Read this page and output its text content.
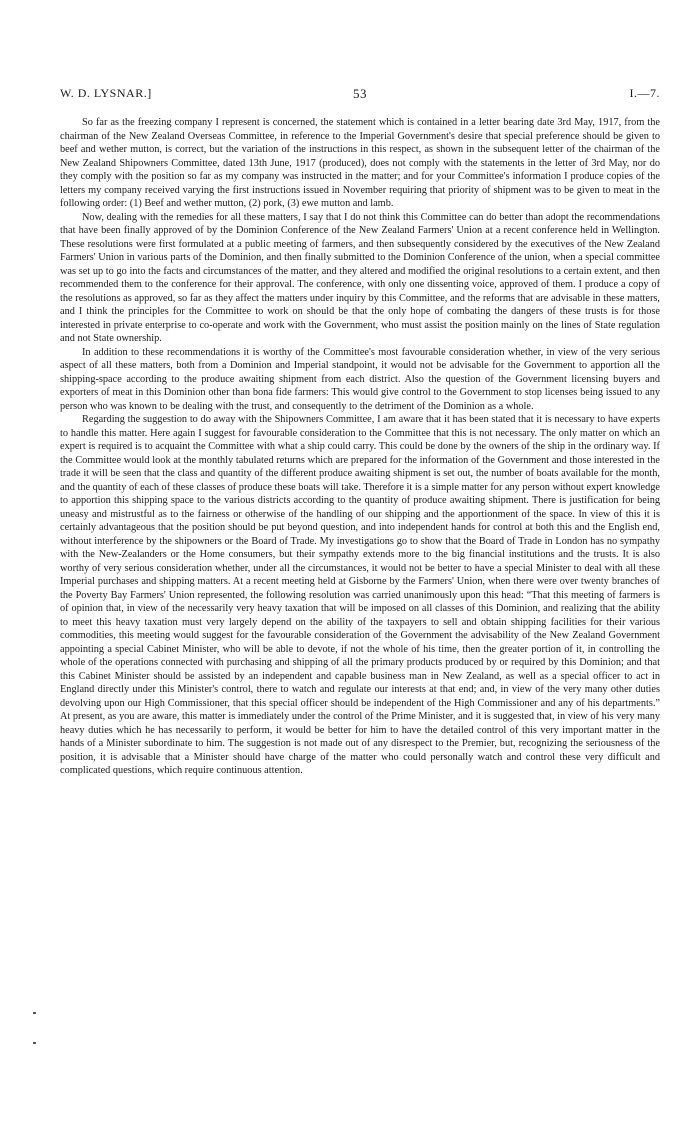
W. D. LYSNAR.]	53	I.—7.

So far as the freezing company I represent is concerned, the statement which is contained in a letter bearing date 3rd May, 1917, from the chairman of the New Zealand Overseas Committee, in reference to the Imperial Government's desire that special preference should be given to beef and wether mutton, is correct, but the variation of the instructions in this respect, as shown in the subsequent letter of the chairman of the New Zealand Shipowners Committee, dated 13th June, 1917 (produced), does not comply with the statements in the letter of 3rd May, nor do they comply with the position so far as my company was instructed in the matter; and for your Committee's information I produce copies of the letters my company received varying the first instructions issued in November requiring that priority of shipment was to be given to meat in the following order: (1) Beef and wether mutton, (2) pork, (3) ewe mutton and lamb.

Now, dealing with the remedies for all these matters, I say that I do not think this Committee can do better than adopt the recommendations that have been finally approved of by the Dominion Conference of the New Zealand Farmers' Union at a recent conference held in Wellington. These resolutions were first formulated at a public meeting of farmers, and then subsequently considered by the executives of the New Zealand Farmers' Union in various parts of the Dominion, and then finally submitted to the Dominion Conference of the union, when a special committee was set up to go into the facts and circumstances of the matter, and they altered and modified the original resolutions to a certain extent, and then recommended them to the conference for their approval. The conference, with only one dissenting voice, approved of them. I produce a copy of the resolutions as approved, so far as they affect the matters under inquiry by this Committee, and the reforms that are advisable in these matters, and I think the principles for the Committee to work on should be that the only hope of combating the dangers of these trusts is for those interested in private enterprise to co-operate and work with the Government, who must assist the position mainly on the lines of State regulation and not State ownership.

In addition to these recommendations it is worthy of the Committee's most favourable consideration whether, in view of the very serious aspect of all these matters, both from a Dominion and Imperial standpoint, it would not be advisable for the Government to apportion all the shipping-space according to the produce awaiting shipment from each district. Also the question of the Government licensing buyers and exporters of meat in this Dominion other than bona fide farmers: This would give control to the Government to stop licenses being issued to any person who was known to be dealing with the trust, and consequently to the detriment of the Dominion as a whole.

Regarding the suggestion to do away with the Shipowners Committee, I am aware that it has been stated that it is necessary to have experts to handle this matter. Here again I suggest for favourable consideration to the Committee that this is not necessary. The only matter on which an expert is required is to acquaint the Committee with what a ship could carry. This could be done by the owners of the ship in the ordinary way. If the Committee would look at the monthly tabulated returns which are prepared for the information of the Government and those interested in the trade it will be seen that the class and quantity of the different produce awaiting shipment is set out, the number of boats available for the month, and the quantity of each of these classes of produce these boats will take. Therefore it is a simple matter for any person without expert knowledge to apportion this shipping space to the various districts according to the quantity of produce awaiting shipment. There is justification for being uneasy and mistrustful as to the fairness or otherwise of the handling of our shipping and the apportionment of the space. In view of this it is certainly advantageous that the position should be put beyond question, and into independent hands for control at both this and the English end, without interference by the shipowners or the Board of Trade. My investigations go to show that the Board of Trade in London has no sympathy with the New-Zealanders or the Home consumers, but their sympathy extends more to the big financial institutions and the trusts. It is also worthy of very serious consideration whether, under all the circumstances, it would not be better to have a special Minister to deal with all these Imperial purchases and shipping matters. At a recent meeting held at Gisborne by the Farmers' Union, when there were over twenty branches of the Poverty Bay Farmers' Union represented, the following resolution was carried unanimously upon this head: “That this meeting of farmers is of opinion that, in view of the necessarily very heavy taxation that will be imposed on all classes of this Dominion, and realizing that the ability to meet this heavy taxation must very largely depend on the ability of the taxpayers to sell and obtain shipping facilities for their various commodities, this meeting would suggest for the favourable consideration of the Government the advisability of the New Zealand Government appointing a special Cabinet Minister, who will be able to devote, if not the whole of his time, then the greater portion of it, in controlling the whole of the operations connected with purchasing and shipping of all the primary products produced by or required by this Dominion; and that this Cabinet Minister should be assisted by an independent and capable business man in New Zealand, as well as a special officer to act in England directly under this Minister's control, there to watch and regulate our interests at that end; and, in view of the very many other duties devolving upon our High Commissioner, that this special officer should be independent of the High Commissioner and any of his departments.” At present, as you are aware, this matter is immediately under the control of the Prime Minister, and it is suggested that, in view of his very many heavy duties which he has necessarily to perform, it would be better for him to have the detailed control of this very important matter in the hands of a Minister subordinate to him. The suggestion is not made out of any disrespect to the Premier, but, recognizing the seriousness of the position, it is advisable that a Minister should have charge of the matter who could personally watch and control these very difficult and complicated questions, which require continuous attention.
